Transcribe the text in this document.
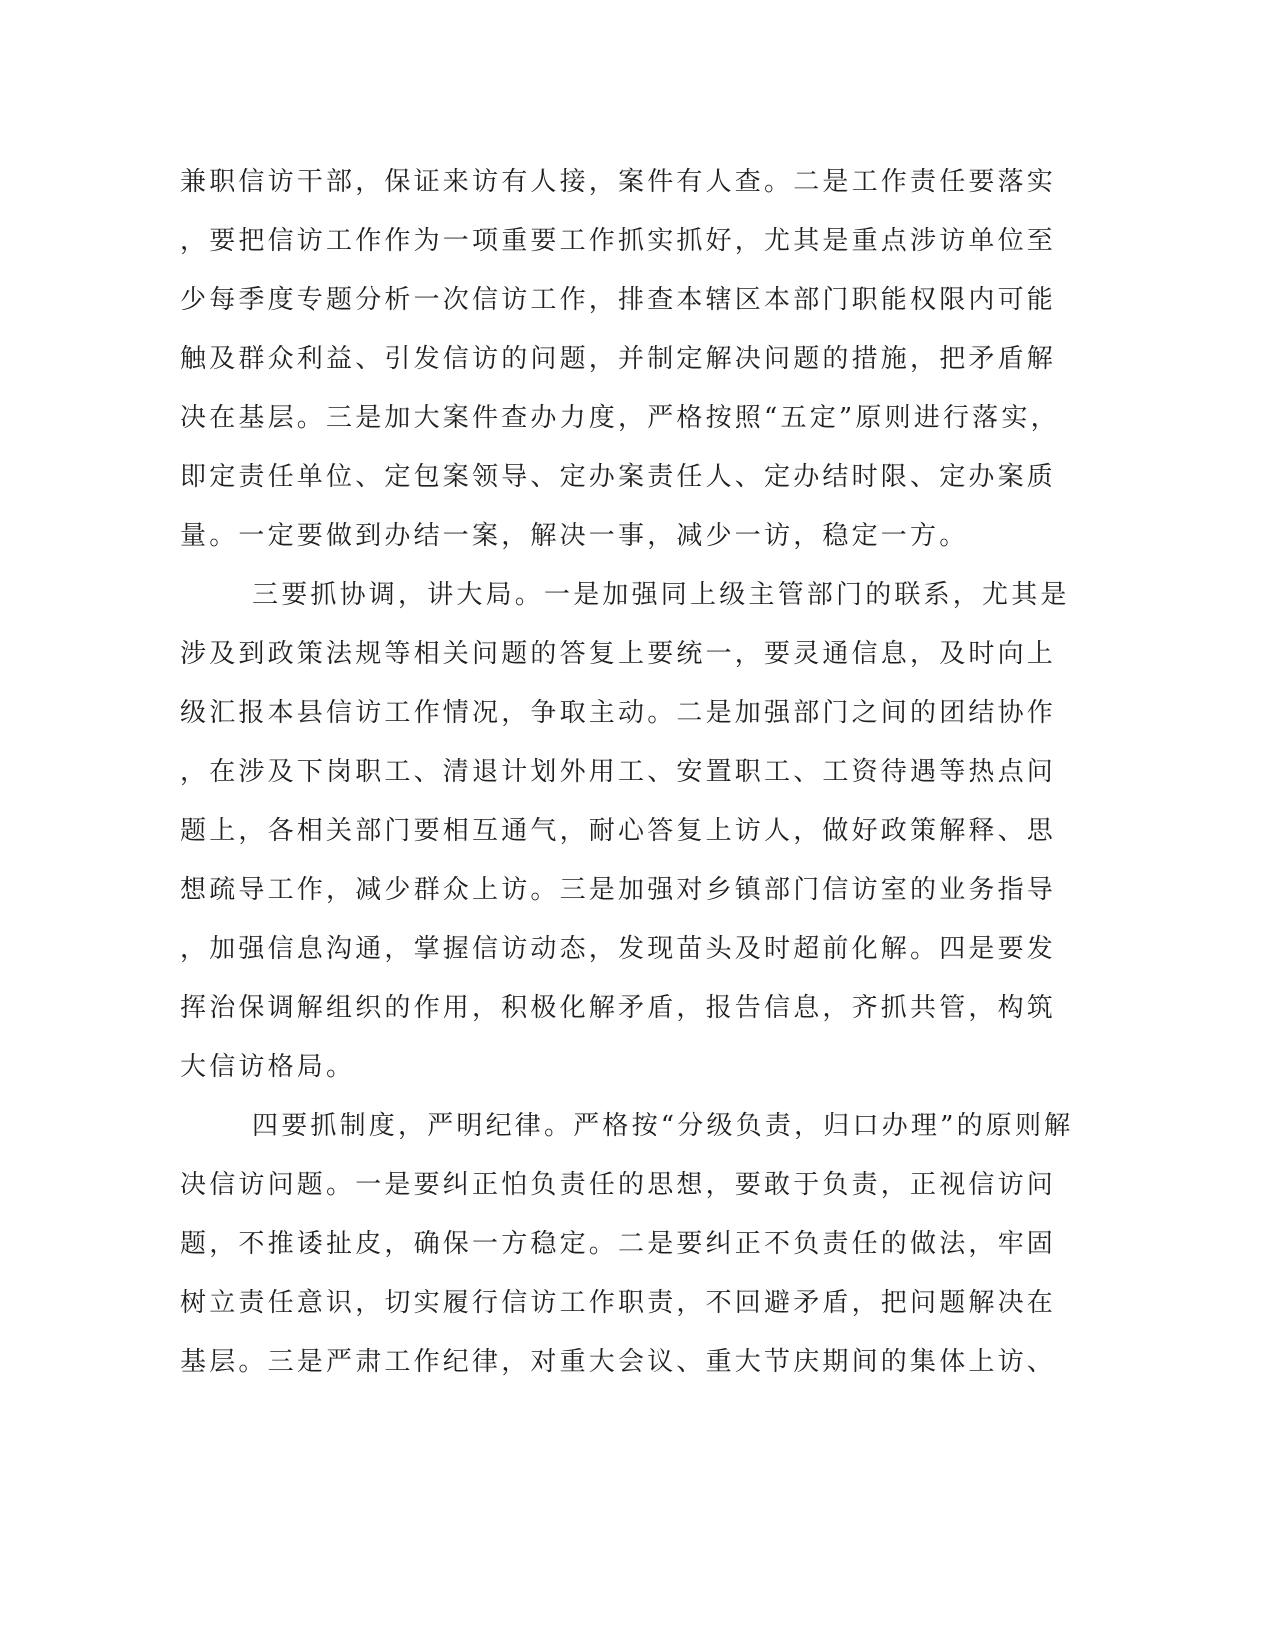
兼职信访干部，保证来访有人接，案件有人查。二是工作责任要落实
，要把信访工作作为一项重要工作抓实抓好，尤其是重点涉访单位至
少每季度专题分析一次信访工作，排查本辖区本部门职能权限内可能
触及群众利益、引发信访的问题，并制定解决问题的措施，把矛盾解
决在基层。三是加大案件查办力度，严格按照“五定”原则进行落实，
即定责任单位、定包案领导、定办案责任人、定办结时限、定办案质
量。一定要做到办结一案，解决一事，减少一访，稳定一方。
三要抓协调，讲大局。一是加强同上级主管部门的联系，尤其是
涉及到政策法规等相关问题的答复上要统一，要灵通信息，及时向上
级汇报本县信访工作情况，争取主动。二是加强部门之间的团结协作
，在涉及下岗职工、清退计划外用工、安置职工、工资待遇等热点问
题上，各相关部门要相互通气，耐心答复上访人，做好政策解释、思
想疏导工作，减少群众上访。三是加强对乡镇部门信访室的业务指导
，加强信息沟通，掌握信访动态，发现苗头及时超前化解。四是要发
挥治保调解组织的作用，积极化解矛盾，报告信息，齐抓共管，构筑
大信访格局。
四要抓制度，严明纪律。严格按“分级负责，归口办理”的原则解
决信访问题。一是要纠正怕负责任的思想，要敢于负责，正视信访问
题，不推诿扯皮，确保一方稳定。二是要纠正不负责任的做法，牢固
树立责任意识，切实履行信访工作职责，不回避矛盾，把问题解决在
基层。三是严肃工作纪律，对重大会议、重大节庆期间的集体上访、
